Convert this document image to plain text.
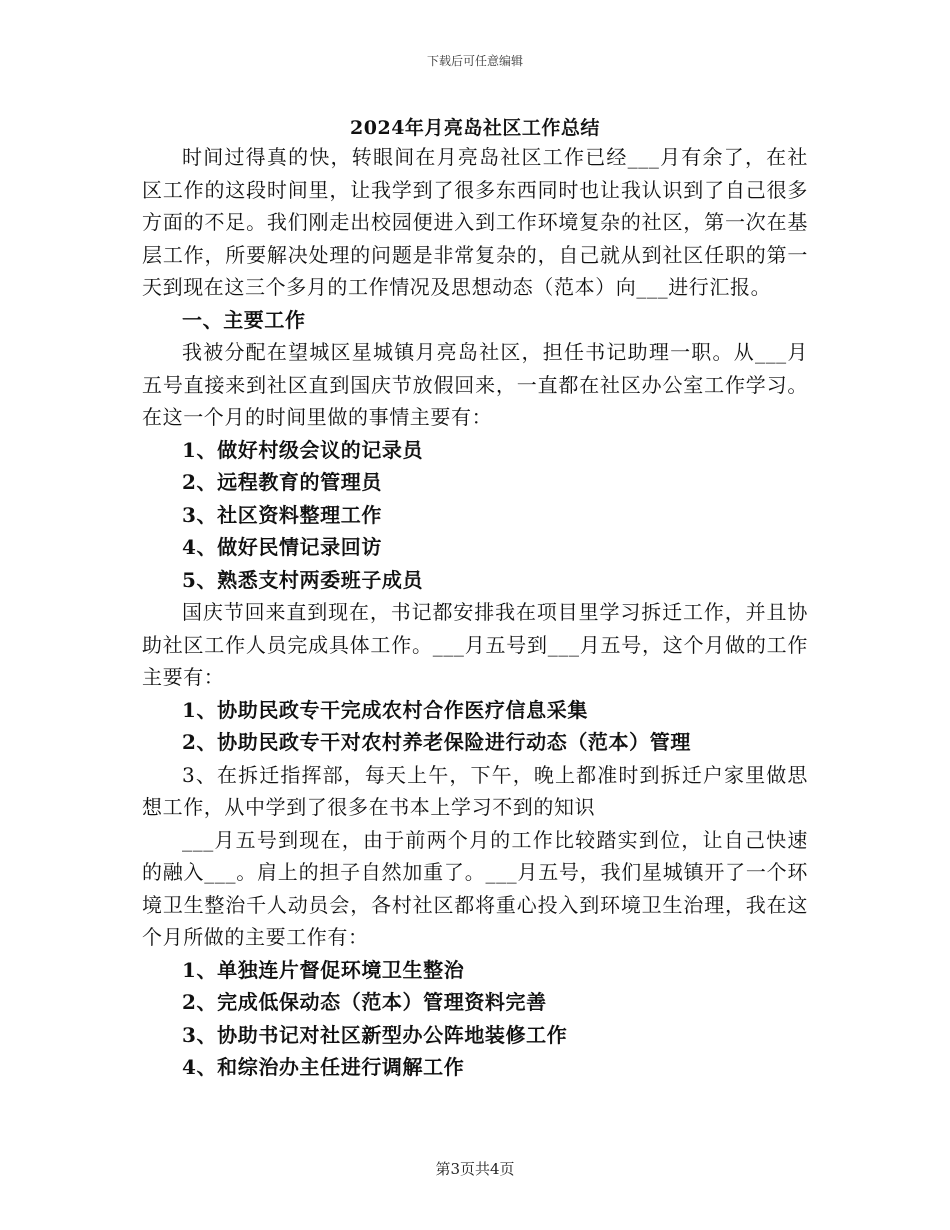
下载后可任意编辑
2024年月亮岛社区工作总结

时间过得真的快，转眼间在月亮岛社区工作已经___月有余了，在社区工作的这段时间里，让我学到了很多东西同时也让我认识到了自己很多方面的不足。我们刚走出校园便进入到工作环境复杂的社区，第一次在基层工作，所要解决处理的问题是非常复杂的，自己就从到社区任职的第一天到现在这三个多月的工作情况及思想动态（范本）向___进行汇报。

一、主要工作

我被分配在望城区星城镇月亮岛社区，担任书记助理一职。从___月五号直接来到社区直到国庆节放假回来，一直都在社区办公室工作学习。在这一个月的时间里做的事情主要有：

1、做好村级会议的记录员

2、远程教育的管理员

3、社区资料整理工作

4、做好民情记录回访

5、熟悉支村两委班子成员

国庆节回来直到现在，书记都安排我在项目里学习拆迁工作，并且协助社区工作人员完成具体工作。___月五号到___月五号，这个月做的工作主要有：

1、协助民政专干完成农村合作医疗信息采集

2、协助民政专干对农村养老保险进行动态（范本）管理

3、在拆迁指挥部，每天上午，下午，晚上都准时到拆迁户家里做思想工作，从中学到了很多在书本上学习不到的知识

___月五号到现在，由于前两个月的工作比较踏实到位，让自己快速的融入___。肩上的担子自然加重了。___月五号，我们星城镇开了一个环境卫生整治千人动员会，各村社区都将重心投入到环境卫生治理，我在这个月所做的主要工作有：

1、单独连片督促环境卫生整治

2、完成低保动态（范本）管理资料完善

3、协助书记对社区新型办公阵地装修工作

4、和综治办主任进行调解工作

第3页共4页
